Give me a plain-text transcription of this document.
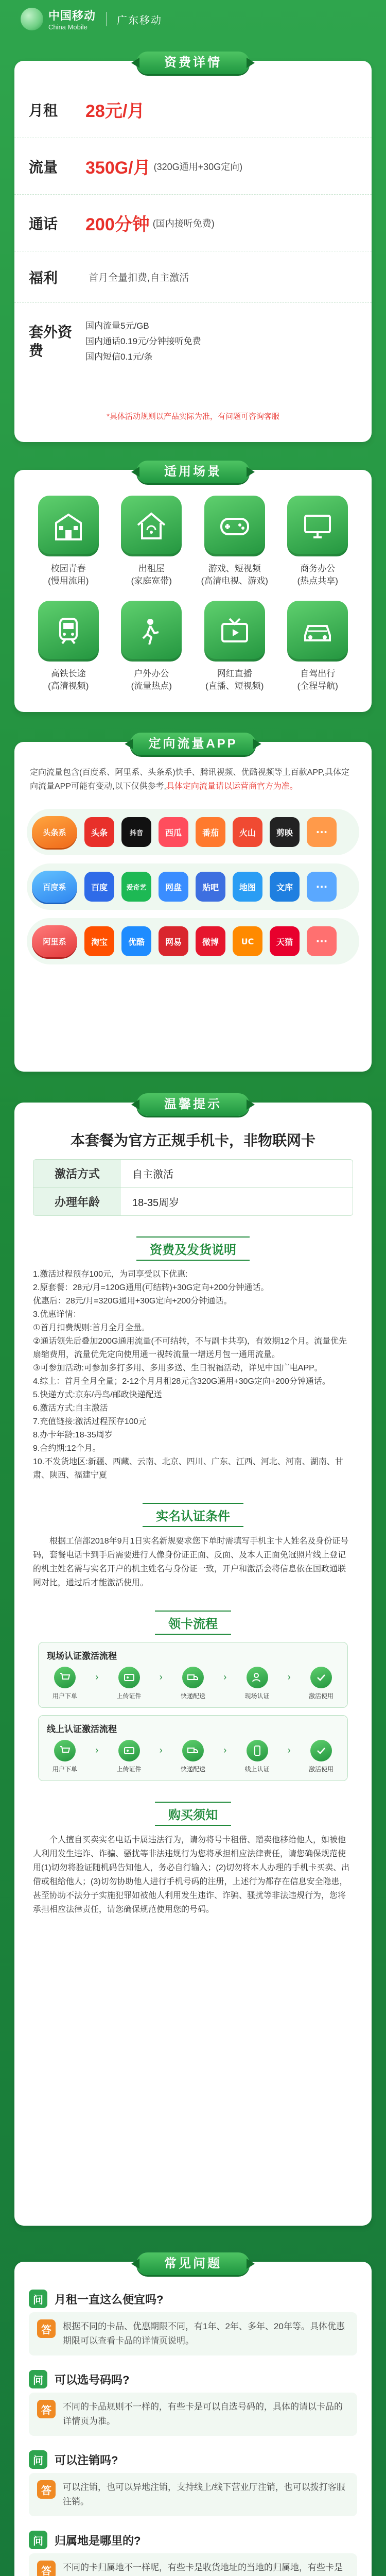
中国移动
China Mobile
广东移动
资费详情
月租	28元/月
流量	350G/月 (320G通用+30G定向)
通话	200分钟 (国内接听免费)
福利	首月全量扣费,自主激活
套外资费
国内流量5元/GB
国内通话0.19元/分钟接听免费
国内短信0.1元/条
*具体活动规则以产品实际为准，有问题可咨询客服
适用场景
校园青春
(慢用流用)
出租屋
(家庭宽带)
游戏、短视频
(高清电视、游戏)
商务办公
(热点共享)
高铁长途
(高清视频)
户外办公
(流量热点)
网红直播
(直播、短视频)
自驾出行
(全程导航)
定向流量APP
定向流量包含(百度系、阿里系、头条系)快手、腾讯视频、优酷视频等上百款APP,具体定向流量APP可能有变动,以下仅供参考,具体定向流量请以运营商官方为准。
头条系	头条	抖音	西瓜	番茄	火山	剪映	···
百度系	百度	爱奇艺	网盘	贴吧	地图	文库	···
阿里系	淘宝	优酷	网易	微博	UC	天猫	···
温馨提示
本套餐为官方正规手机卡，非物联网卡
激活方式	自主激活
办理年龄	18-35周岁
资费及发货说明
1.激活过程预存100元，为司享受以下优惠:
2.原套餐：28元/月=120G通用(可结转)+30G定向+200分钟通话。
优惠后：28元/月=320G通用+30G定向+200分钟通话。
3.优惠详情：
①首月扣费规则:首月全月全量。
②通话领先后叠加200G通用流量(不可结转，不与副卡共享)，有效期12个月。流量优先扇缩费用，流量优先定向使用通一视转流量一增送月包一通用流量。
③可参加活动:可参加多打多用、多用多送、生日祝福活动，详见中国广电APP。
4.综上：首月全月全量；2-12个月月租28元含320G通用+30G定向+200分钟通话。
5.快递方式:京东/丹鸟/邮政快递配送
6.激活方式:自主激活
7.充值链接:激活过程预存100元
8.办卡年龄:18-35周岁
9.合约期:12个月。
10.不发货地区:新疆、西藏、云南、北京、四川、广东、江西、河北、河南、湖南、甘肃、陕西、福建宁夏
实名认证条件
根据工信部2018年9月1日实名新规要求您下单时需填写手机主卡人姓名及身份证号码，套餐电话卡到手后需要进行人像身份证正面、反面、及本人正面免冠照片线上登记的机主姓名需与实名开户的机主姓名与身份证一致，开户和激活会将信息依在国政通联网对比，通过后才能激活使用。
领卡流程
现场认证激活流程
用户下单
›
上传证件
›
快递配送
›
现场认证
›
激活使用
线上认证激活流程
用户下单
›
上传证件
›
快递配送
›
线上认证
›
激活使用
购买须知
个人擅自买卖实名电话卡属违法行为，请勿将号卡租借、赠卖他移给他人，如被他人利用发生违诈、诈骗、骚扰等非法违规行为您将承担相应法律责任，请您确保规范使用(1)切勿将验证随机码告知他人，务必自行输入；(2)切勿将本人办理的手机卡买卖、出借或租给他人；(3)切勿协助他人进行手机号码的注册，上述行为都存在信息安全隐患，甚至协助不法分子实施犯罪如被他人利用发生违诈、诈骗、骚扰等非法违规行为，您将承担相应法律责任，请您确保规范使用您的号码。
常见问题
问	月租一直这么便宜吗?
答	根据不同的卡品、优惠期限不同，有1年、2年、多年、20年等。具体优惠期限可以查看卡品的详情页说明。
问	可以选号码吗?
答	不同的卡品规则不一样的，有些卡是可以自选号码的，具体的请以卡品的详情页为准。
问	可以注销吗?
答	可以注销，也可以异地注销，支持线上/线下营业厅注销，也可以拨打客服注销。
问	归属地是哪里的?
答	不同的卡归属地不一样呢，有些卡是收货地址的当地的归属地，有些卡是
